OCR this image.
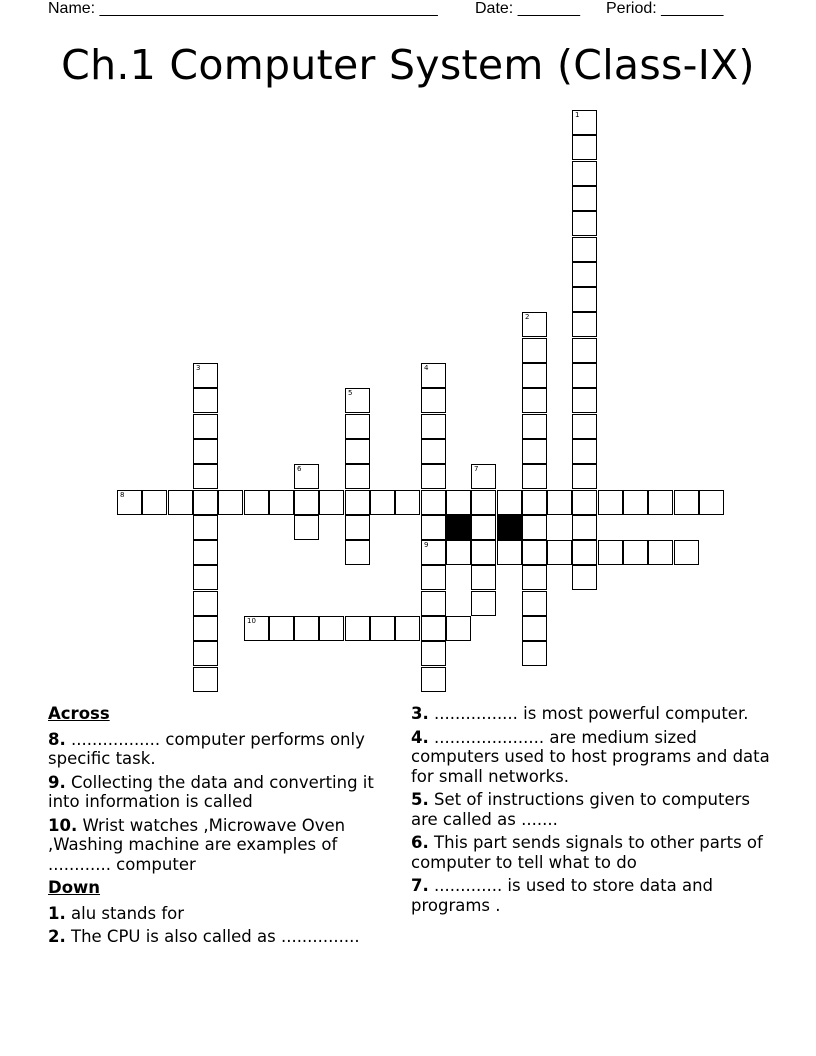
Name: ______________________________________ Date: _______ Period: _______
Ch.1 Computer System (Class-IX)
1
2
3	4
9
5
6	7
8
10
Across
8. ................. computer performs only specific task.
9. Collecting the data and converting it into information is called
10. Wrist watches ,Microwave Oven ,Washing machine are examples of ............ computer
Down
1. alu stands for
2. The CPU is also called as ...............
3. ................ is most powerful computer.
4. ..................... are medium sized computers used to host programs and data for small networks.
5. Set of instructions given to computers are called as .......
6. This part sends signals to other parts of computer to tell what to do
7. ............. is used to store data and programs .
